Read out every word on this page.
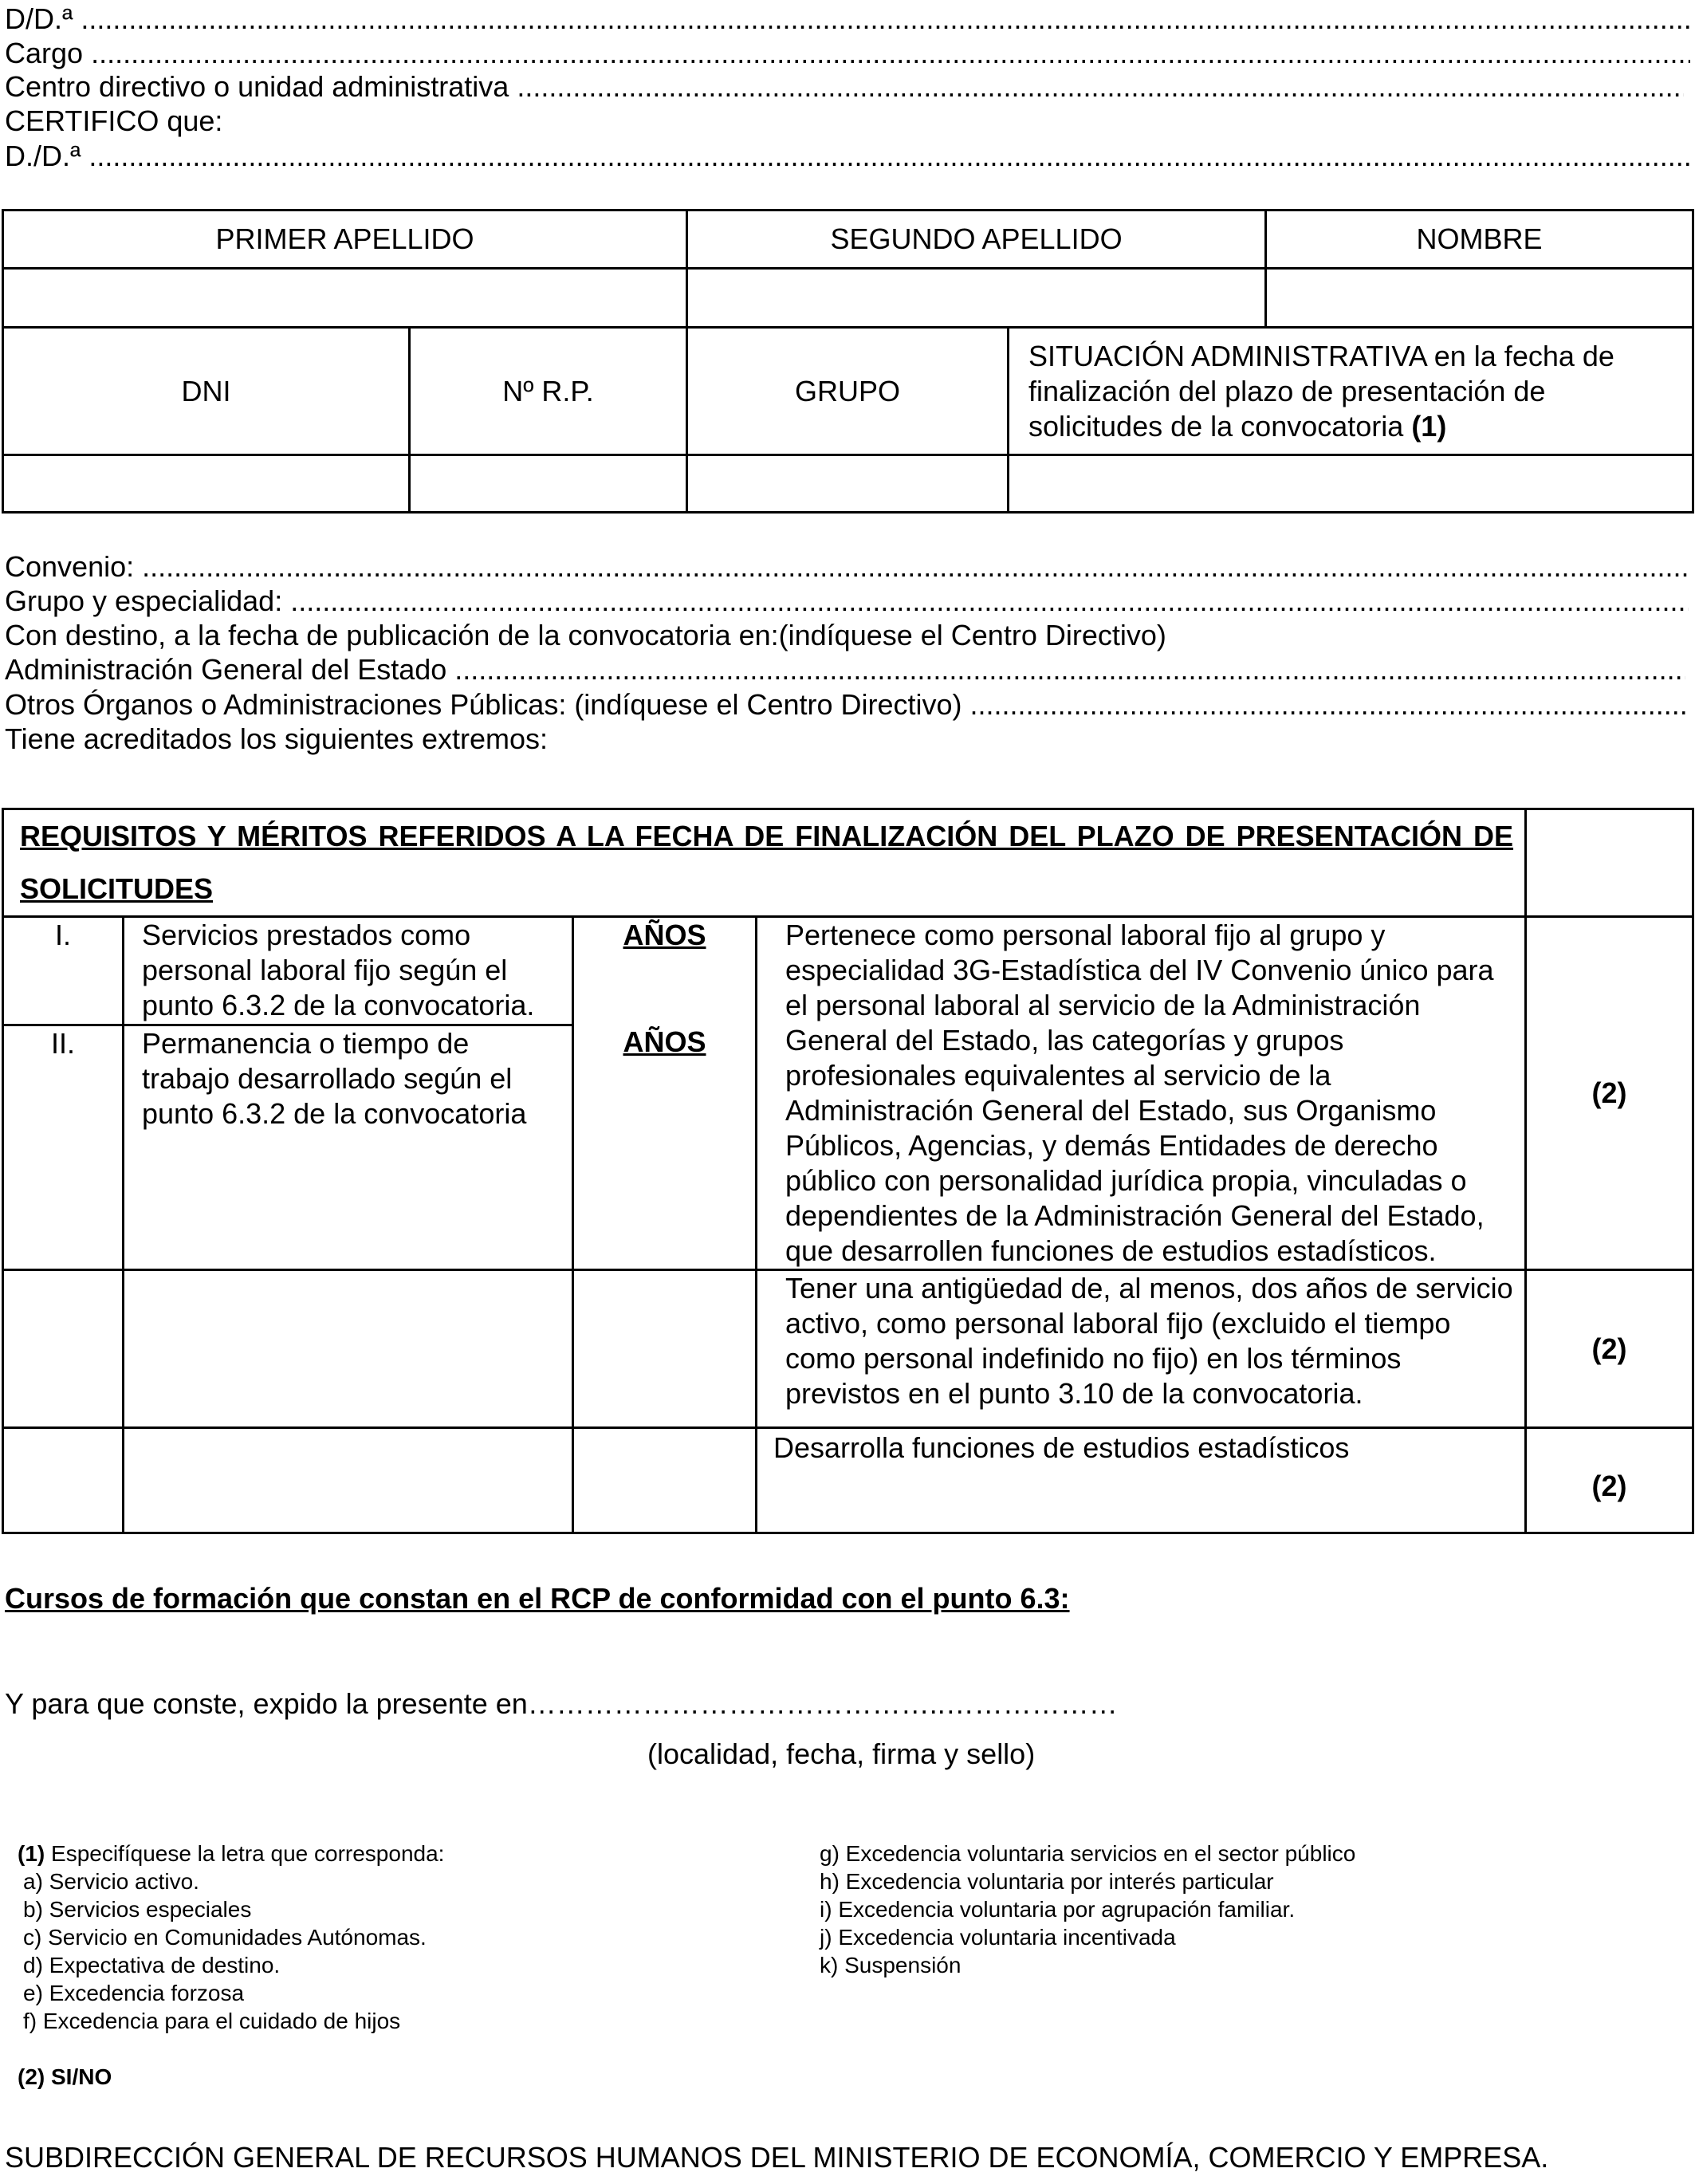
D/D.ª .....
Cargo .....
Centro directivo o unidad administrativa .....
CERTIFICO que:
D./D.ª .....
PRIMER APELLIDO		SEGUNDO APELLIDO		NOMBRE

DNI	Nº R.P.	GRUPO	SITUACIÓN ADMINISTRATIVA en la fecha de finalización del plazo de presentación de solicitudes de la convocatoria (1)	

Convenio: .....
Grupo y especialidad: .....
Con destino, a la fecha de publicación de la convocatoria en:(indíquese el Centro Directivo)
Administración General del Estado .....
Otros Órganos o Administraciones Públicas: (indíquese el Centro Directivo) .....
Tiene acreditados los siguientes extremos:
REQUISITOS Y MÉRITOS REFERIDOS A LA FECHA DE FINALIZACIÓN DEL PLAZO DE PRESENTACIÓN DE SOLICITUDES				
I.	Servicios prestados como personal laboral fijo según el punto 6.3.2 de la convocatoria.	AÑOS	Pertenece como personal laboral fijo al grupo y especialidad 3G-Estadística del IV Convenio único para el personal laboral al servicio de la Administración General del Estado, las categorías y grupos profesionales equivalentes al servicio de la Administración General del Estado, sus Organismo Públicos, Agencias, y demás Entidades de derecho público con personalidad jurídica propia, vinculadas o dependientes de la Administración General del Estado, que desarrollen funciones de estudios estadísticos.	(2)
II.	Permanencia o tiempo de trabajo desarrollado según el punto 6.3.2 de la convocatoria	AÑOS		
			Tener una antigüedad de, al menos, dos años de servicio activo, como personal laboral fijo (excluido el tiempo como personal indefinido no fijo) en los términos previstos en el punto 3.10 de la convocatoria.	(2)
			Desarrolla funciones de estudios estadísticos	(2)
Cursos de formación que constan en el RCP de conformidad con el punto 6.3:
Y para que conste, expido la presente en……………………………………..………………
(localidad, fecha, firma y sello)
(1) Especifíquese la letra que corresponda:
a) Servicio activo.
b) Servicios especiales
c) Servicio en Comunidades Autónomas.
d) Expectativa de destino.
e) Excedencia forzosa
f) Excedencia para el cuidado de hijos
g) Excedencia voluntaria servicios en el sector público
h) Excedencia voluntaria por interés particular
i) Excedencia voluntaria por agrupación familiar.
j) Excedencia voluntaria incentivada
k) Suspensión
(2) SI/NO
SUBDIRECCIÓN GENERAL DE RECURSOS HUMANOS DEL MINISTERIO DE ECONOMÍA, COMERCIO Y EMPRESA.
